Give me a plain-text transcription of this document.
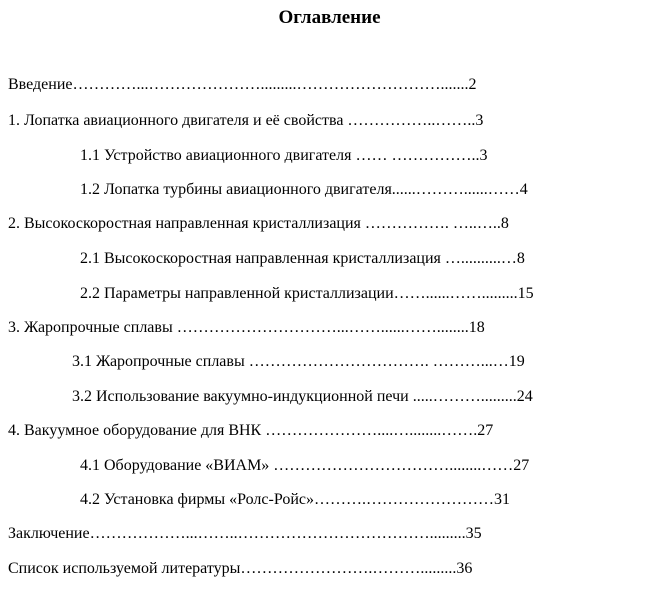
Оглавление
Введение…………...………………….........……………………….......2
1. Лопатка авиационного двигателя и её свойства ……………..……..3
1.1 Устройство авиационного двигателя …… ……………..3
1.2 Лопатка турбины авиационного двигателя......………......……4
2. Высокоскоростная направленная кристаллизация ……………. …..…..8
2.1 Высокоскоростная направленная кристаллизация …..........…8
2.2 Параметры направленной кристаллизации……......…….........15
3. Жаропрочные сплавы …………………………...……......……........18
3.1 Жаропрочные сплавы ……………………………. ………...…19
3.2 Использование вакуумно-индукционной печи .....……….........24
4. Вакуумное оборудование для ВНК …………………....…........…….27
4.1 Оборудование «ВИАМ» ……………………………........……27
4.2 Установка фирмы «Ролс-Ройс»……….……………………31
Заключение………………...……..……………………………….........35
Список используемой литературы…………………….……….........36
